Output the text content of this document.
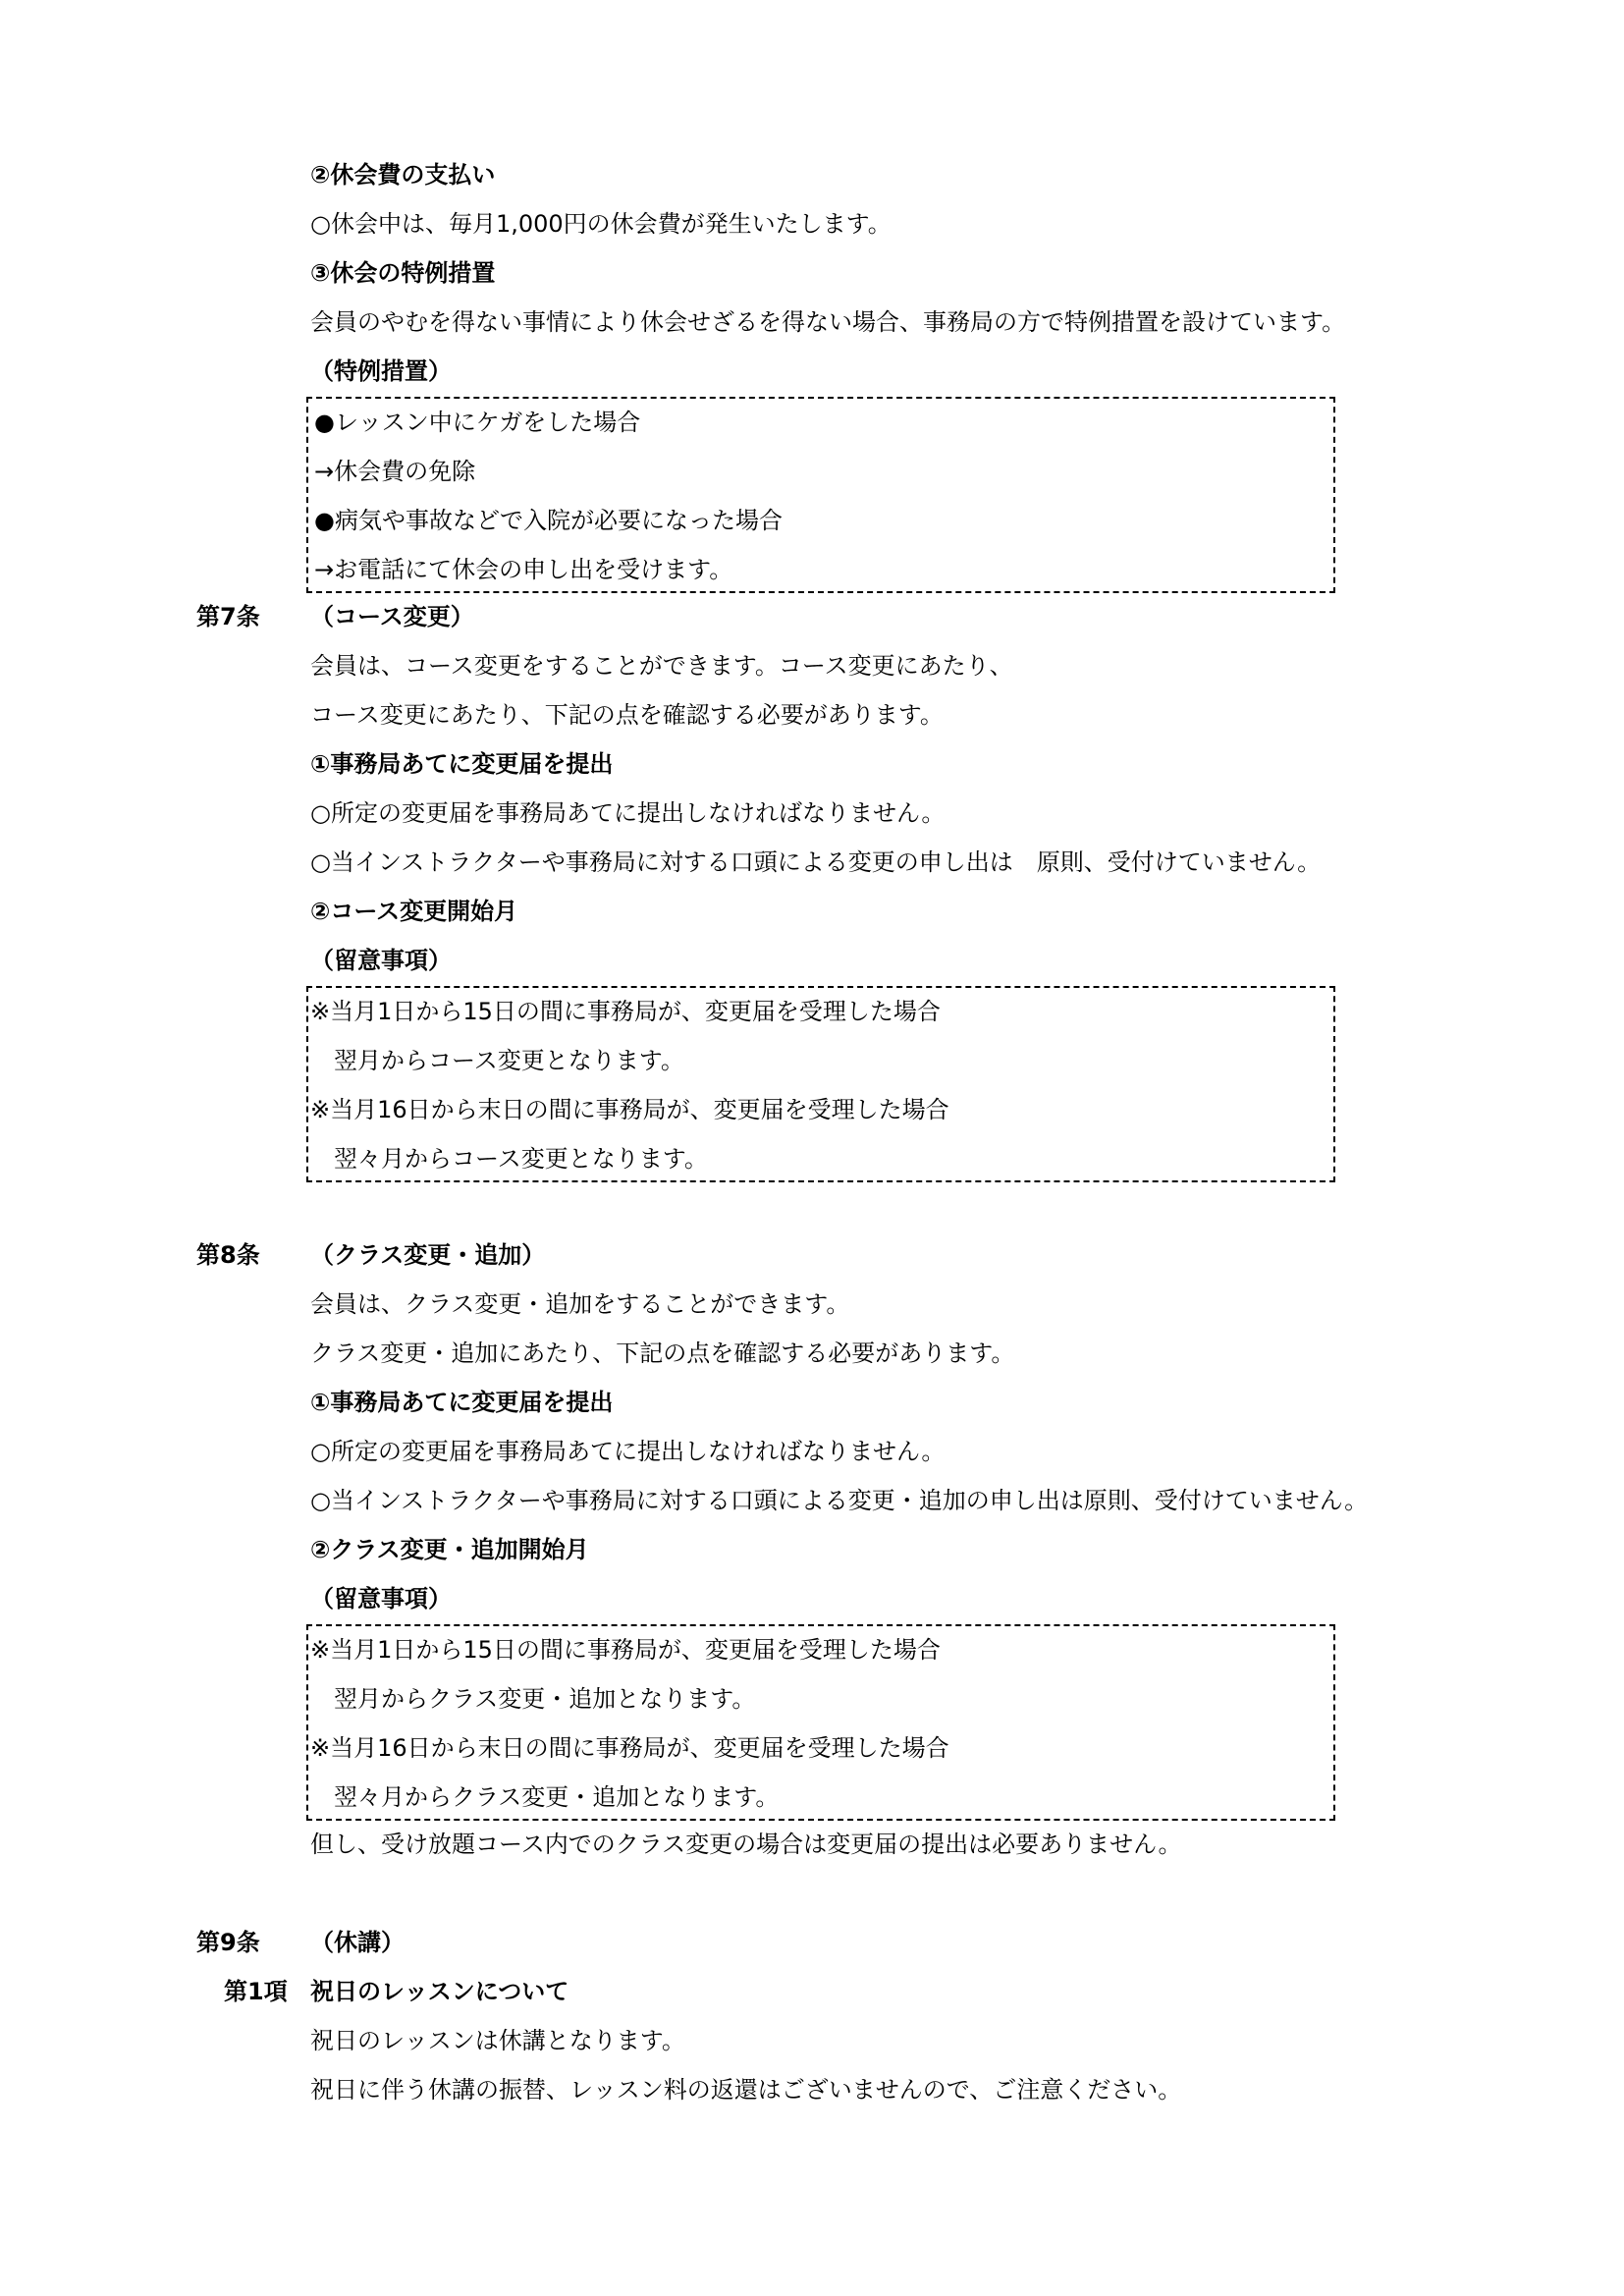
②休会費の支払い
○休会中は、毎月1,000円の休会費が発生いたします。
③休会の特例措置
会員のやむを得ない事情により休会せざるを得ない場合、事務局の方で特例措置を設けています。
（特例措置）
●レッスン中にケガをした場合
→休会費の免除
●病気や事故などで入院が必要になった場合
→お電話にて休会の申し出を受けます。
第7条 （コース変更）
会員は、コース変更をすることができます。コース変更にあたり、
コース変更にあたり、下記の点を確認する必要があります。
①事務局あてに変更届を提出
○所定の変更届を事務局あてに提出しなければなりません。
○当インストラクターや事務局に対する口頭による変更の申し出は　原則、受付けていません。
②コース変更開始月
（留意事項）
※当月1日から15日の間に事務局が、変更届を受理した場合
　翌月からコース変更となります。
※当月16日から末日の間に事務局が、変更届を受理した場合
　翌々月からコース変更となります。
第8条 （クラス変更・追加）
会員は、クラス変更・追加をすることができます。
クラス変更・追加にあたり、下記の点を確認する必要があります。
①事務局あてに変更届を提出
○所定の変更届を事務局あてに提出しなければなりません。
○当インストラクターや事務局に対する口頭による変更・追加の申し出は原則、受付けていません。
②クラス変更・追加開始月
（留意事項）
※当月1日から15日の間に事務局が、変更届を受理した場合
　翌月からクラス変更・追加となります。
※当月16日から末日の間に事務局が、変更届を受理した場合
　翌々月からクラス変更・追加となります。
但し、受け放題コース内でのクラス変更の場合は変更届の提出は必要ありません。
第9条 （休講）
第1項 祝日のレッスンについて
祝日のレッスンは休講となります。
祝日に伴う休講の振替、レッスン料の返還はございませんので、ご注意ください。
